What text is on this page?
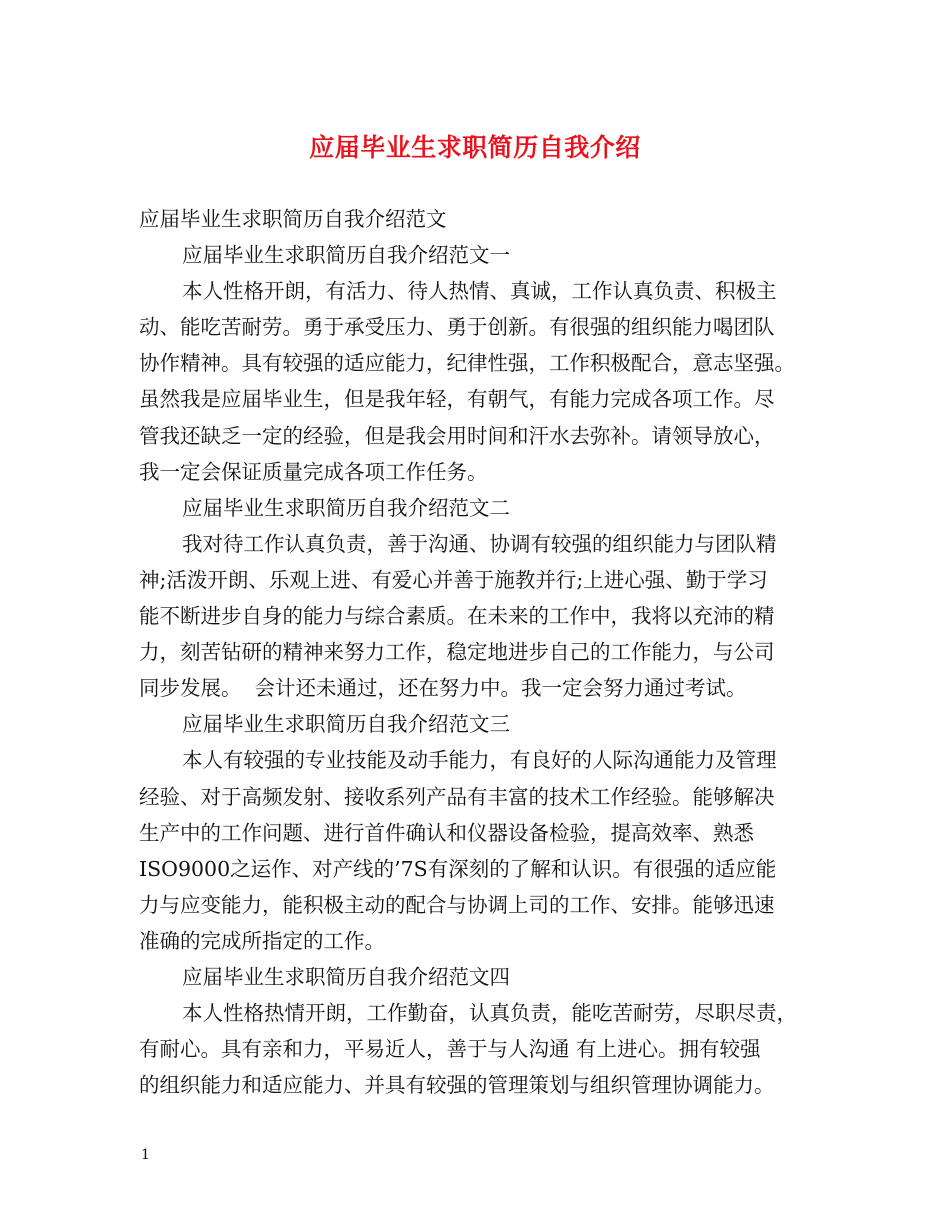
应届毕业生求职简历自我介绍
应届毕业生求职简历自我介绍范文
应届毕业生求职简历自我介绍范文一
本人性格开朗，有活力、待人热情、真诚，工作认真负责、积极主
动、能吃苦耐劳。勇于承受压力、勇于创新。有很强的组织能力喝团队
协作精神。具有较强的适应能力，纪律性强，工作积极配合，意志坚强。
虽然我是应届毕业生，但是我年轻，有朝气，有能力完成各项工作。尽
管我还缺乏一定的经验，但是我会用时间和汗水去弥补。请领导放心，
我一定会保证质量完成各项工作任务。
应届毕业生求职简历自我介绍范文二
我对待工作认真负责，善于沟通、协调有较强的组织能力与团队精
神;活泼开朗、乐观上进、有爱心并善于施教并行;上进心强、勤于学习
能不断进步自身的能力与综合素质。在未来的工作中，我将以充沛的精
力，刻苦钻研的精神来努力工作，稳定地进步自己的工作能力，与公司
同步发展。  会计还未通过，还在努力中。我一定会努力通过考试。
应届毕业生求职简历自我介绍范文三
本人有较强的专业技能及动手能力，有良好的人际沟通能力及管理
经验、对于高频发射、接收系列产品有丰富的技术工作经验。能够解决
生产中的工作问题、进行首件确认和仪器设备检验，提高效率、熟悉
ISO9000之运作、对产线的’7S有深刻的了解和认识。有很强的适应能
力与应变能力，能积极主动的配合与协调上司的工作、安排。能够迅速
准确的完成所指定的工作。
应届毕业生求职简历自我介绍范文四
本人性格热情开朗，工作勤奋，认真负责，能吃苦耐劳，尽职尽责，
有耐心。具有亲和力，平易近人，善于与人沟通 有上进心。拥有较强
的组织能力和适应能力、并具有较强的管理策划与组织管理协调能力。
1
